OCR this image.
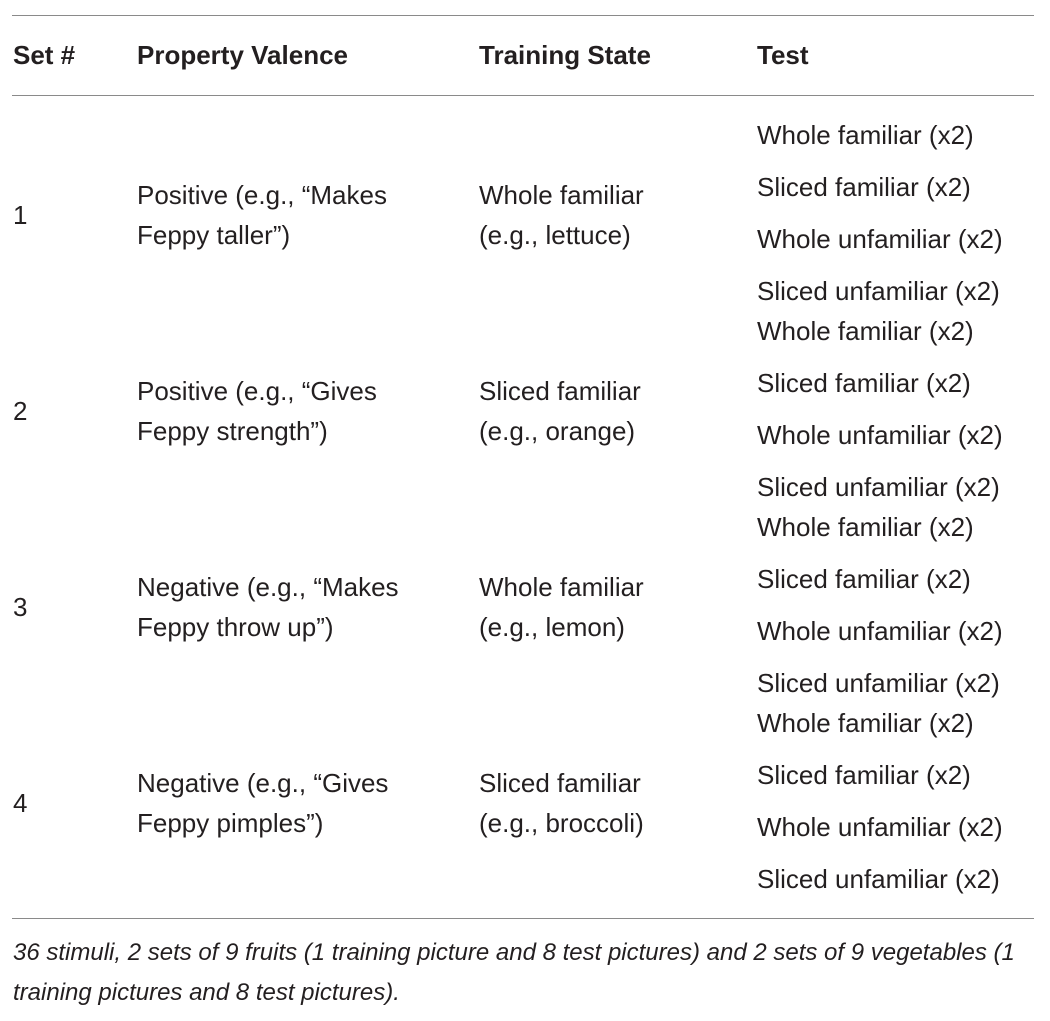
Set # Property Valence	Training State	Test
1
Positive (e.g., “Makes
Feppy taller”)
Whole familiar
(e.g., lettuce)
Whole familiar (x2)
Sliced familiar (x2)
Whole unfamiliar (x2)
Sliced unfamiliar (x2)
2
Positive (e.g., “Gives
Feppy strength”)
Sliced familiar
(e.g., orange)
Whole familiar (x2)
Sliced familiar (x2)
Whole unfamiliar (x2)
Sliced unfamiliar (x2)
3
Negative (e.g., “Makes
Feppy throw up”)
Whole familiar
(e.g., lemon)
Whole familiar (x2)
Sliced familiar (x2)
Whole unfamiliar (x2)
Sliced unfamiliar (x2)
4
Negative (e.g., “Gives
Feppy pimples”)
Sliced familiar
(e.g., broccoli)
Whole familiar (x2)
Sliced familiar (x2)
Whole unfamiliar (x2)
Sliced unfamiliar (x2)
36 stimuli, 2 sets of 9 fruits (1 training picture and 8 test pictures) and 2 sets of 9 vegetables (1 training pictures and 8 test pictures).
